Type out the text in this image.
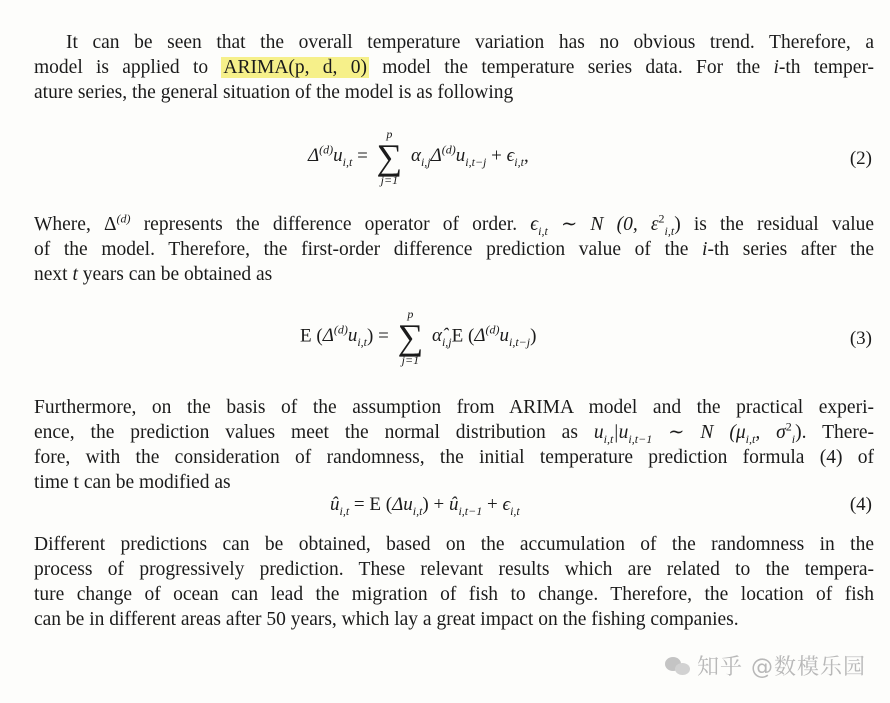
It can be seen that the overall temperature variation has no obvious trend. Therefore, a
model is applied to ARIMA(p, d, 0) model the temperature series data. For the i-th temper-
ature series, the general situation of the model is as following
$\Delta^{(d)}u_{i,t}$ =
p
∑
j=1
$\alpha_{i,j}\Delta^{(d)}u_{i,t-j} + \epsilon_{i,t}$,	(2)
Where, $\Delta^{(d)}$ represents the difference operator of order. $\epsilon_{i,t}$ ∼ N (0, $\varepsilon^2_{i,t}$) is the residual value
of the model. Therefore, the first-order difference prediction value of the i-th series after the
next t years can be obtained as
E $(\Delta^{(d)}u_{i,t})$ =
p
∑
j=1
$\alphâ_{i,j}E$ $(\Delta^{(d)}u_{i,t-j})$	(3)
Furthermore, on the basis of the assumption from ARIMA model and the practical experi-
ence, the prediction values meet the normal distribution as $u_{i,t}|u_{i,t-1}$ ∼ N ($\mu_{i,t}$, $\sigma^2_i$). There-
fore, with the consideration of randomness, the initial temperature prediction formula (4) of
time t can be modified as
$û_{i,t} = E$ $(\Delta u_{i,t})$ + $û_{i,t-1} + \epsilon_{i,t}$	(4)
Different predictions can be obtained, based on the accumulation of the randomness in the
process of progressively prediction. These relevant results which are related to the tempera-
ture change of ocean can lead the migration of fish to change. Therefore, the location of fish
can be in different areas after 50 years, which lay a great impact on the fishing companies.
知乎 @数模乐园
